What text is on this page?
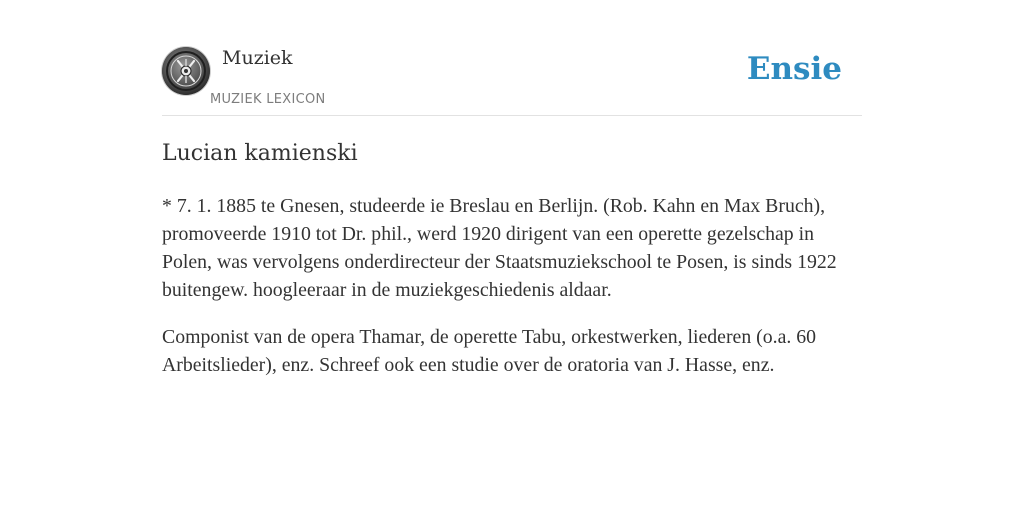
Muziek
MUZIEK LEXICON
Ensie
Lucian kamienski

* 7. 1. 1885 te Gnesen, studeerde ie Breslau en Berlijn. (Rob. Kahn en Max Bruch), promoveerde 1910 tot Dr. phil., werd 1920 dirigent van een operette gezelschap in Polen, was vervolgens onderdirecteur der Staatsmuziekschool te Posen, is sinds 1922 buitengew. hoogleeraar in de muziekgeschiedenis aldaar.

Componist van de opera Thamar, de operette Tabu, orkestwerken, liederen (o.a. 60 Arbeitslieder), enz. Schreef ook een studie over de oratoria van J. Hasse, enz.
